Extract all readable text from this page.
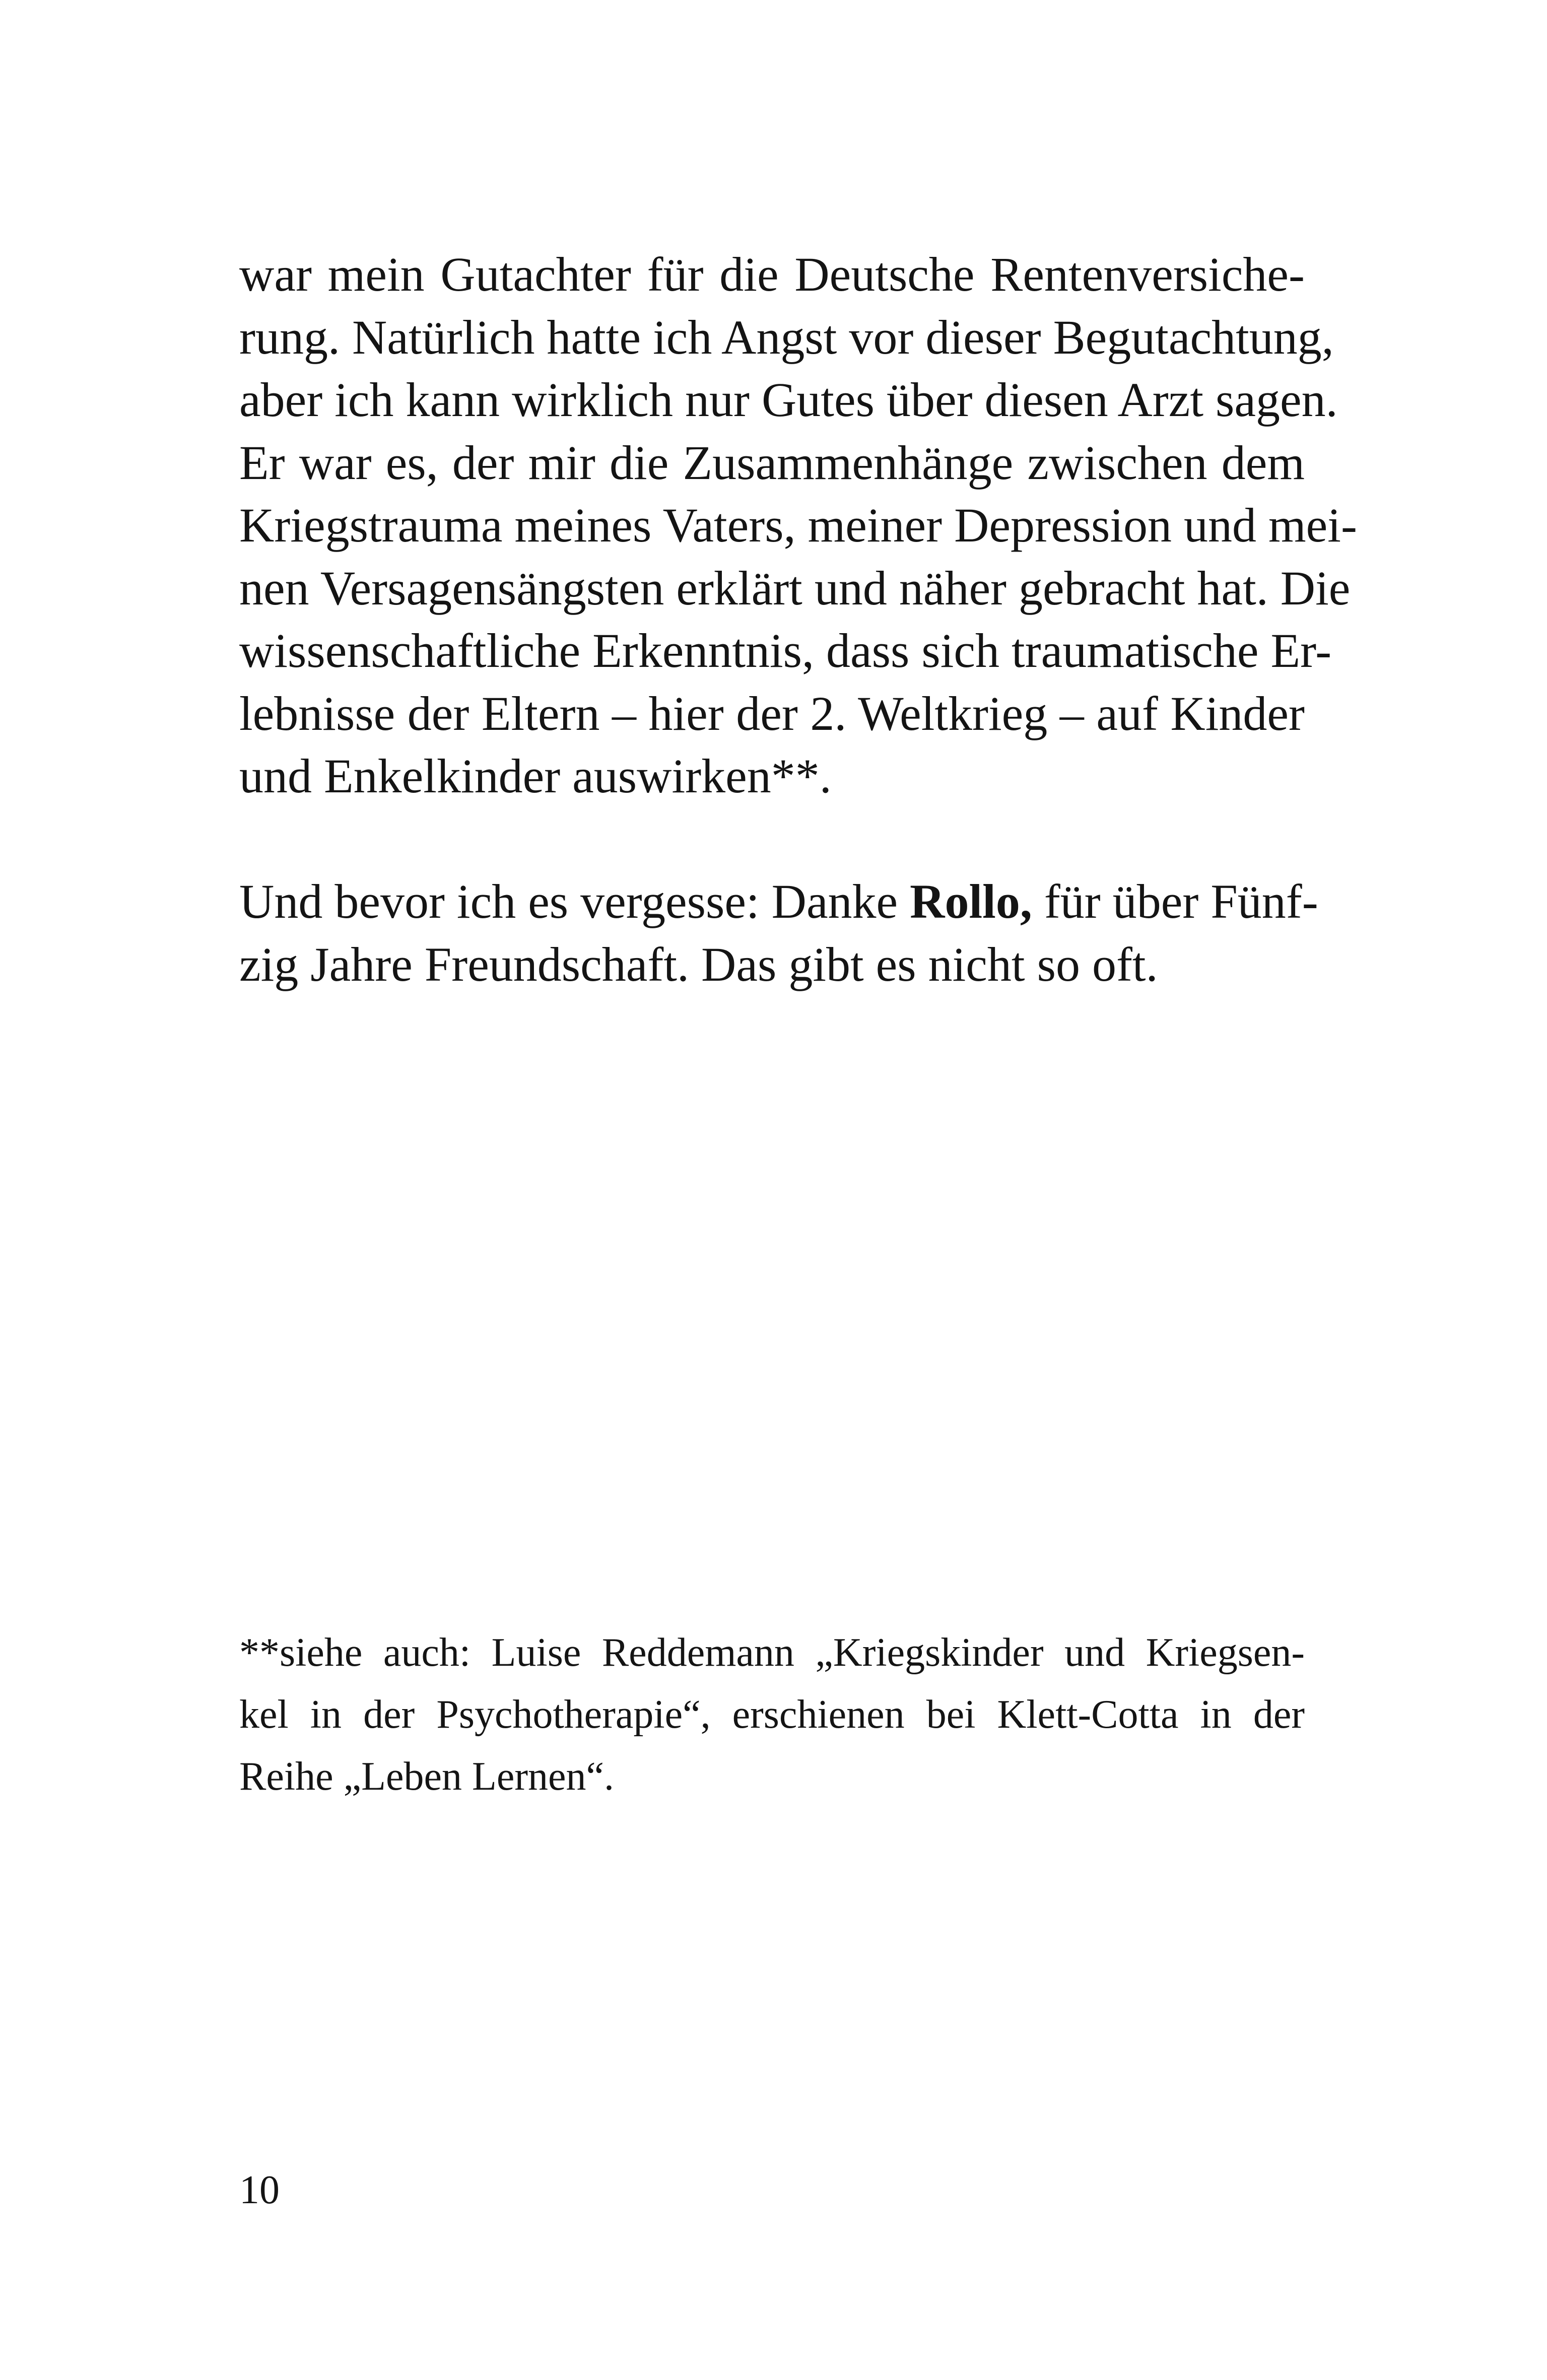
war mein Gutachter für die Deutsche Rentenversiche-
rung. Natürlich hatte ich Angst vor dieser Begutachtung,
aber ich kann wirklich nur Gutes über diesen Arzt sagen.
Er war es, der mir die Zusammenhänge zwischen dem
Kriegstrauma meines Vaters, meiner Depression und mei-
nen Versagensängsten erklärt und näher gebracht hat. Die
wissenschaftliche Erkenntnis, dass sich traumatische Er-
lebnisse der Eltern – hier der 2. Weltkrieg – auf Kinder
und Enkelkinder auswirken**.
Und bevor ich es vergesse: Danke Rollo, für über Fünf-
zig Jahre Freundschaft. Das gibt es nicht so oft.
**siehe auch: Luise Reddemann „Kriegskinder und Kriegsen-
kel in der Psychotherapie“, erschienen bei Klett-Cotta in der
Reihe „Leben Lernen“.
10
